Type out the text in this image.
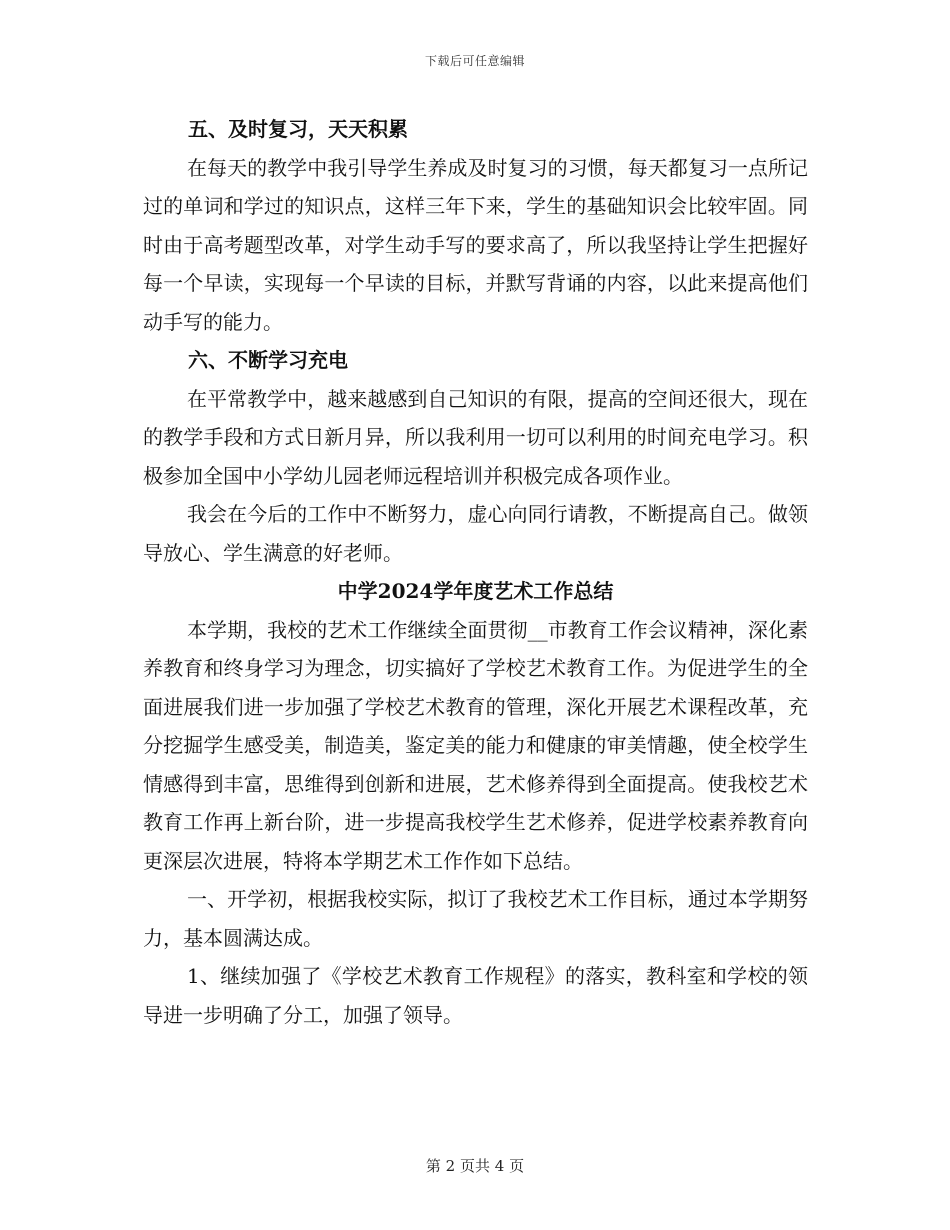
下载后可任意编辑
五、及时复习，天天积累

在每天的教学中我引导学生养成及时复习的习惯，每天都复习一点所记过的单词和学过的知识点，这样三年下来，学生的基础知识会比较牢固。同时由于高考题型改革，对学生动手写的要求高了，所以我坚持让学生把握好每一个早读，实现每一个早读的目标，并默写背诵的内容，以此来提高他们动手写的能力。

六、不断学习充电

在平常教学中，越来越感到自己知识的有限，提高的空间还很大，现在的教学手段和方式日新月异，所以我利用一切可以利用的时间充电学习。积极参加全国中小学幼儿园老师远程培训并积极完成各项作业。

我会在今后的工作中不断努力，虚心向同行请教，不断提高自己。做领导放心、学生满意的好老师。

中学2024学年度艺术工作总结

本学期，我校的艺术工作继续全面贯彻__市教育工作会议精神，深化素养教育和终身学习为理念，切实搞好了学校艺术教育工作。为促进学生的全面进展我们进一步加强了学校艺术教育的管理，深化开展艺术课程改革，充分挖掘学生感受美，制造美，鉴定美的能力和健康的审美情趣，使全校学生情感得到丰富，思维得到创新和进展，艺术修养得到全面提高。使我校艺术教育工作再上新台阶，进一步提高我校学生艺术修养，促进学校素养教育向更深层次进展，特将本学期艺术工作作如下总结。

一、开学初，根据我校实际，拟订了我校艺术工作目标，通过本学期努力，基本圆满达成。

1、继续加强了《学校艺术教育工作规程》的落实，教科室和学校的领导进一步明确了分工，加强了领导。

第 2 页共 4 页
